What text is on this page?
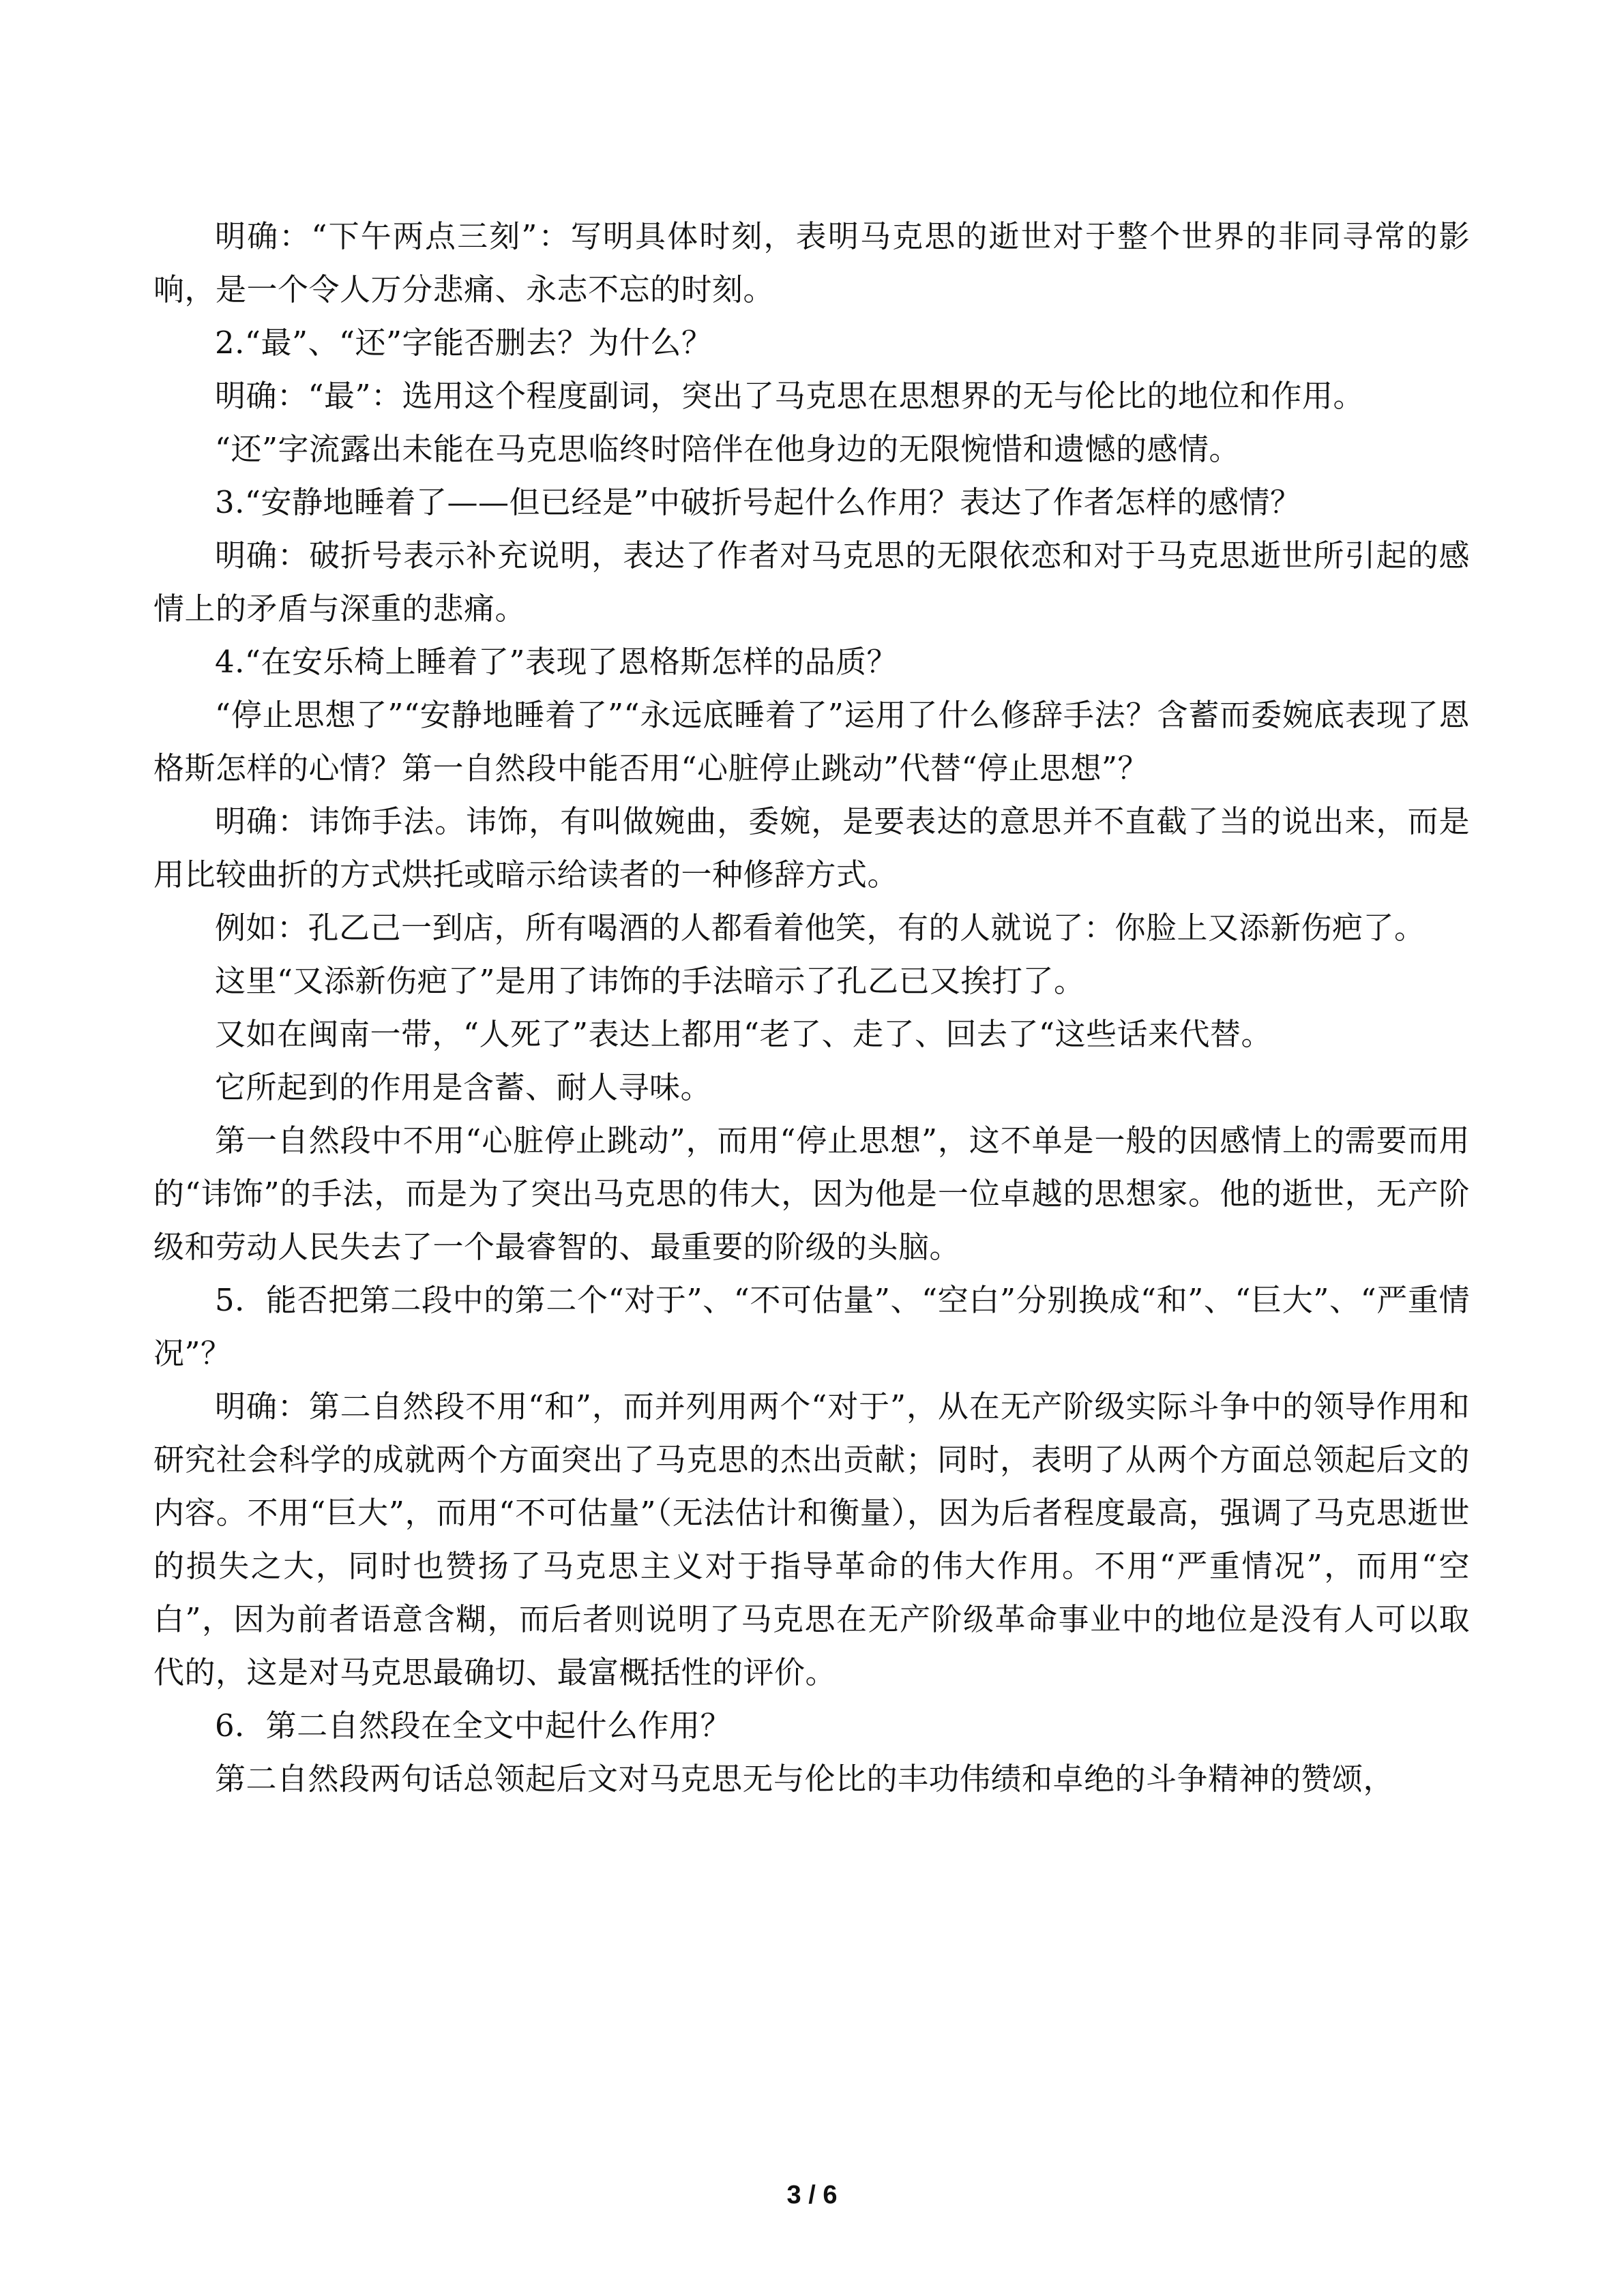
明确：“下午两点三刻”：写明具体时刻，表明马克思的逝世对于整个世界的非同寻常的影响，是一个令人万分悲痛、永志不忘的时刻。

2.“最”、“还”字能否删去？为什么？

明确：“最”：选用这个程度副词，突出了马克思在思想界的无与伦比的地位和作用。

“还”字流露出未能在马克思临终时陪伴在他身边的无限惋惜和遗憾的感情。

3.“安静地睡着了——但已经是”中破折号起什么作用？表达了作者怎样的感情？

明确：破折号表示补充说明，表达了作者对马克思的无限依恋和对于马克思逝世所引起的感情上的矛盾与深重的悲痛。

4.“在安乐椅上睡着了”表现了恩格斯怎样的品质？

“停止思想了”“安静地睡着了”“永远底睡着了”运用了什么修辞手法？含蓄而委婉底表现了恩格斯怎样的心情？第一自然段中能否用“心脏停止跳动”代替“停止思想”？

明确：讳饰手法。讳饰，有叫做婉曲，委婉，是要表达的意思并不直截了当的说出来，而是用比较曲折的方式烘托或暗示给读者的一种修辞方式。

例如：孔乙己一到店，所有喝酒的人都看着他笑，有的人就说了：你脸上又添新伤疤了。

这里“又添新伤疤了”是用了讳饰的手法暗示了孔乙已又挨打了。

又如在闽南一带，“人死了”表达上都用“老了、走了、回去了“这些话来代替。

它所起到的作用是含蓄、耐人寻味。

第一自然段中不用“心脏停止跳动”，而用“停止思想”，这不单是一般的因感情上的需要而用的“讳饰”的手法，而是为了突出马克思的伟大，因为他是一位卓越的思想家。他的逝世，无产阶级和劳动人民失去了一个最睿智的、最重要的阶级的头脑。

5．能否把第二段中的第二个“对于”、“不可估量”、“空白”分别换成“和”、“巨大”、“严重情况”？

明确：第二自然段不用“和”，而并列用两个“对于”，从在无产阶级实际斗争中的领导作用和研究社会科学的成就两个方面突出了马克思的杰出贡献；同时，表明了从两个方面总领起后文的内容。不用“巨大”，而用“不可估量”（无法估计和衡量），因为后者程度最高，强调了马克思逝世的损失之大，同时也赞扬了马克思主义对于指导革命的伟大作用。不用“严重情况”，而用“空白”，因为前者语意含糊，而后者则说明了马克思在无产阶级革命事业中的地位是没有人可以取代的，这是对马克思最确切、最富概括性的评价。

6．第二自然段在全文中起什么作用？

第二自然段两句话总领起后文对马克思无与伦比的丰功伟绩和卓绝的斗争精神的赞颂，

3 / 6
